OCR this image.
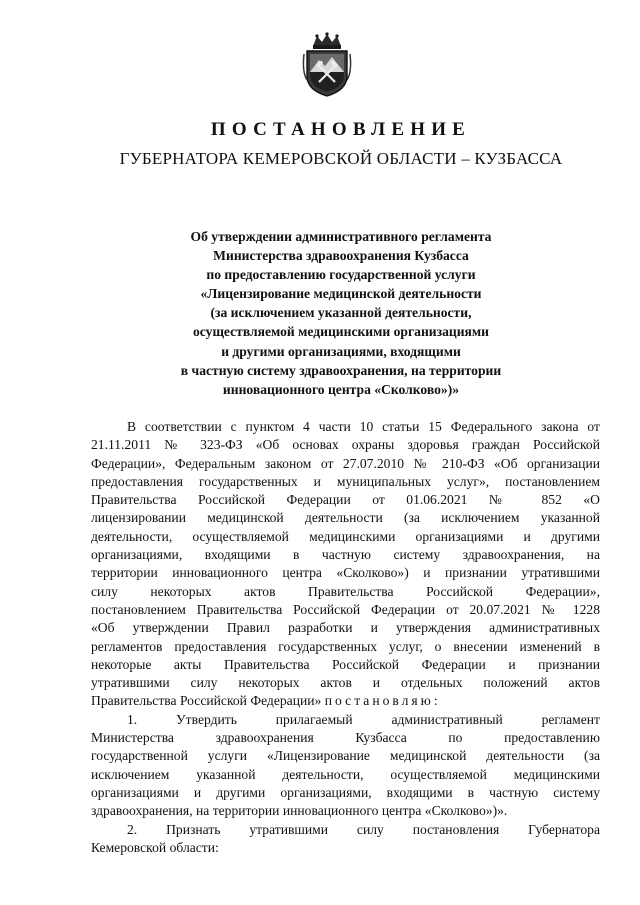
ПОСТАНОВЛЕНИЕ
ГУБЕРНАТОРА КЕМЕРОВСКОЙ ОБЛАСТИ – КУЗБАССА
Об утверждении административного регламента
Министерства здравоохранения Кузбасса
по предоставлению государственной услуги
«Лицензирование медицинской деятельности
(за исключением указанной деятельности,
осуществляемой медицинскими организациями
и другими организациями, входящими
в частную систему здравоохранения, на территории
инновационного центра «Сколково»)»

В соответствии с пунктом 4 части 10 статьи 15 Федерального закона от
21.11.2011 № 323-ФЗ «Об основах охраны здоровья граждан Российской
Федерации», Федеральным законом от 27.07.2010 № 210-ФЗ «Об организации
предоставления государственных и муниципальных услуг», постановлением
Правительства Российской Федерации от 01.06.2021 № 852 «О
лицензировании медицинской деятельности (за исключением указанной
деятельности, осуществляемой медицинскими организациями и другими
организациями, входящими в частную систему здравоохранения, на
территории инновационного центра «Сколково») и признании утратившими
силу некоторых актов Правительства Российской Федерации»,
постановлением Правительства Российской Федерации от 20.07.2021 № 1228
«Об утверждении Правил разработки и утверждения административных
регламентов предоставления государственных услуг, о внесении изменений в
некоторые акты Правительства Российской Федерации и признании
утратившими силу некоторых актов и отдельных положений актов
Правительства Российской Федерации» постановляю:

1. Утвердить прилагаемый административный регламент
Министерства здравоохранения Кузбасса по предоставлению
государственной услуги «Лицензирование медицинской деятельности (за
исключением указанной деятельности, осуществляемой медицинскими
организациями и другими организациями, входящими в частную систему
здравоохранения, на территории инновационного центра «Сколково»)».

2. Признать утратившими силу постановления Губернатора
Кемеровской области:
